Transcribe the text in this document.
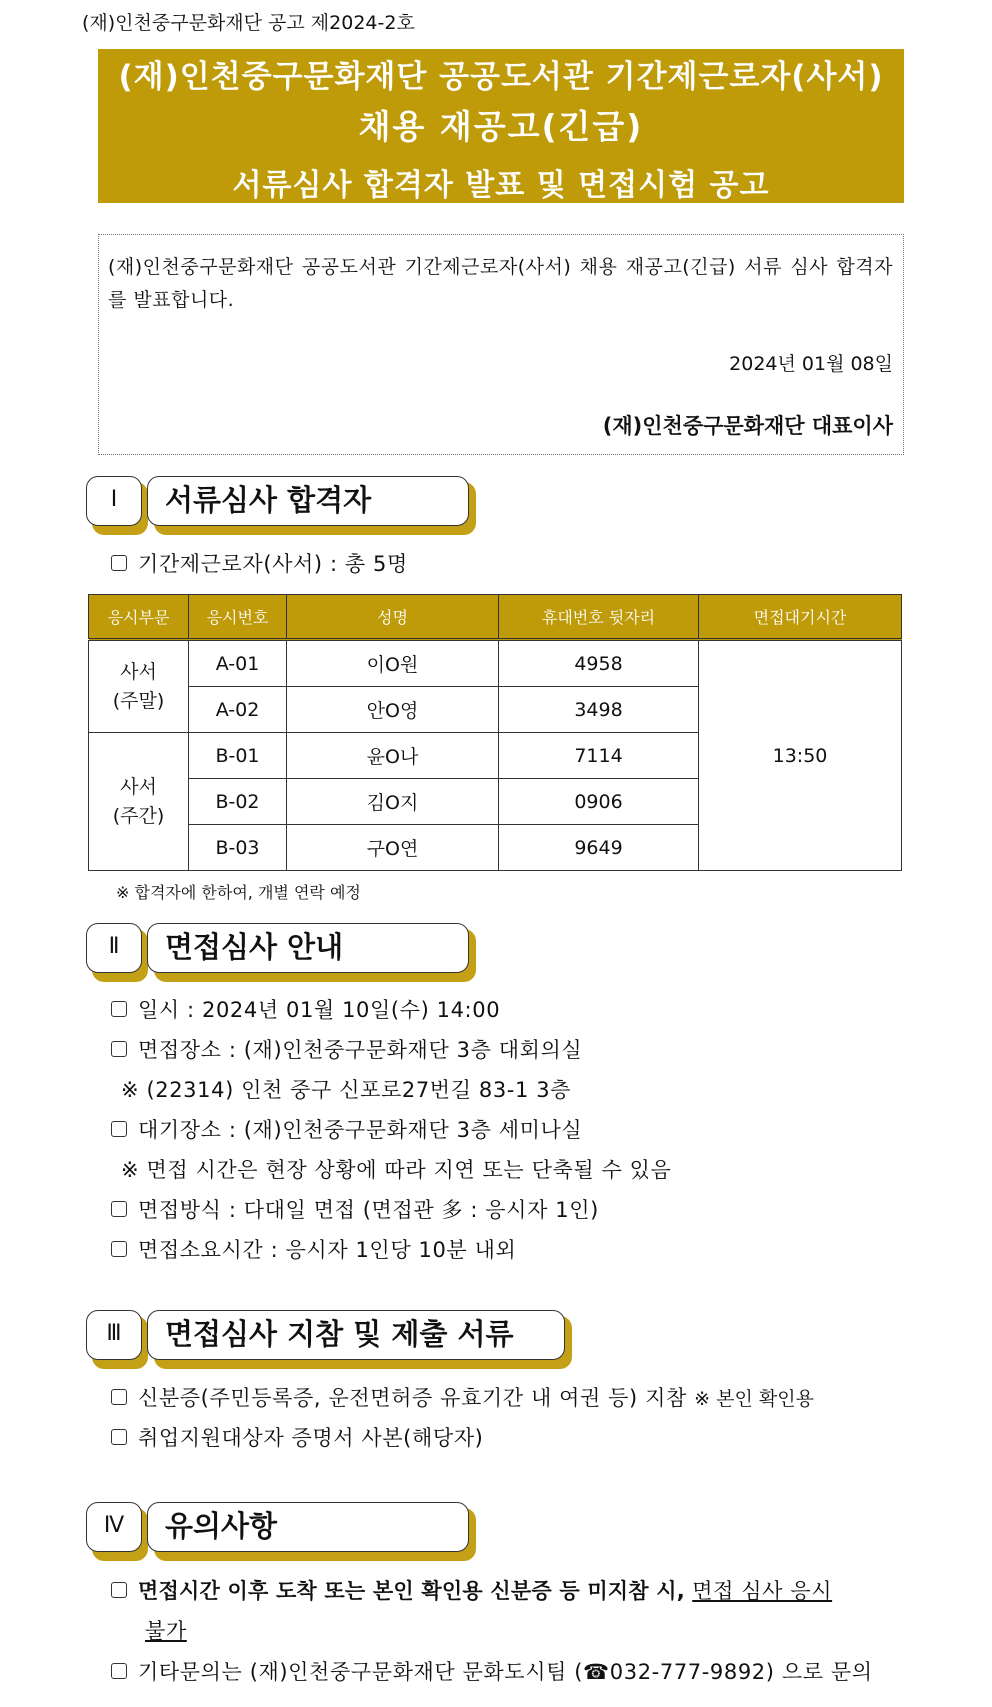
(재)인천중구문화재단 공고 제2024-2호
(재)인천중구문화재단 공공도서관 기간제근로자(사서)
채용 재공고(긴급)
서류심사 합격자 발표 및 면접시험 공고
(재)인천중구문화재단 공공도서관 기간제근로자(사서) 채용 재공고(긴급) 서류 심사 합격자를 발표합니다.
2024년 01월 08일
(재)인천중구문화재단 대표이사
Ⅰ	서류심사 합격자
기간제근로자(사서) : 총 5명
응시부문	응시번호	성명	휴대번호 뒷자리	면접대기시간
사서
(주말)	A-01	이O원	4958	13:50
	A-02	안O영	3498	
사서
(주간)	B-01	윤O나	7114	
	B-02	김O지	0906	
	B-03	구O연	9649	
※ 합격자에 한하여, 개별 연락 예정
Ⅱ	면접심사 안내
일시 : 2024년 01월 10일(수) 14:00
면접장소 : (재)인천중구문화재단 3층 대회의실
※ (22314) 인천 중구 신포로27번길 83-1 3층
대기장소 : (재)인천중구문화재단 3층 세미나실
※ 면접 시간은 현장 상황에 따라 지연 또는 단축될 수 있음
면접방식 : 다대일 면접 (면접관 多 : 응시자 1인)
면접소요시간 : 응시자 1인당 10분 내외
Ⅲ	면접심사 지참 및 제출 서류
신분증(주민등록증, 운전면허증 유효기간 내 여권 등) 지참 ※ 본인 확인용
취업지원대상자 증명서 사본(해당자)
Ⅳ	유의사항
면접시간 이후 도착 또는 본인 확인용 신분증 등 미지참 시, 면접 심사 응시
불가
기타문의는 (재)인천중구문화재단 문화도시팀 (☎032-777-9892) 으로 문의
